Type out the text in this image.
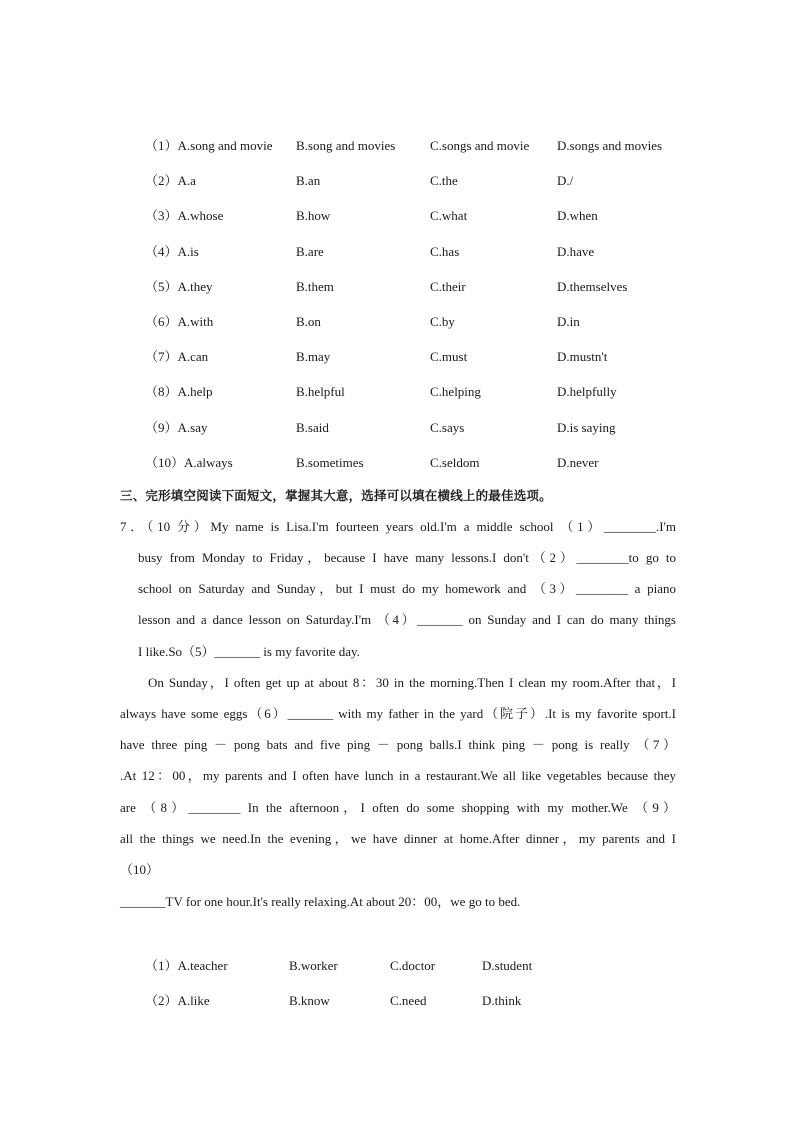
（1）A.song and movie B.song and movies	C.songs and movie D.songs and movies
（2）A.a	B.an	C.the	D./
（3）A.whose	B.how	C.what	D.when
（4）A.is	B.are	C.has	D.have
（5）A.they	B.them	C.their	D.themselves
（6）A.with	B.on	C.by	D.in
（7）A.can	B.may	C.must	D.mustn't
（8）A.help	B.helpful	C.helping	D.helpfully
（9）A.say	B.said	C.says	D.is saying
（10）A.always	B.sometimes	C.seldom	D.never
三、完形填空阅读下面短文，掌握其大意，选择可以填在横线上的最佳选项。
7．（10 分）My name is Lisa.I'm fourteen years old.I'm a middle school （1）________.I'm
busy from Monday to Friday，because I have many lessons.I don't（2）________to go to
school on Saturday and Sunday，but I must do my homework and （3）________ a piano
lesson and a dance lesson on Saturday.I'm （4）_______ on Sunday and I can do many things
I like.So（5）_______ is my favorite day.
On Sunday，I often get up at about 8：30 in the morning.Then I clean my room.After that，I
always have some eggs（6）_______ with my father in the yard（院子）.It is my favorite sport.I
have three ping － pong bats and five ping － pong balls.I think ping － pong is really （7）
.At 12：00，my parents and I often have lunch in a restaurant.We all like vegetables because they
are （8）________ In the afternoon，I often do some shopping with my mother.We （9）
all the things we need.In the evening，we have dinner at home.After dinner，my parents and I
（10）
_______TV for one hour.It's really relaxing.At about 20：00，we go to bed.
（1）A.teacher	B.worker	C.doctor	D.student
（2）A.like	B.know	C.need	D.think
